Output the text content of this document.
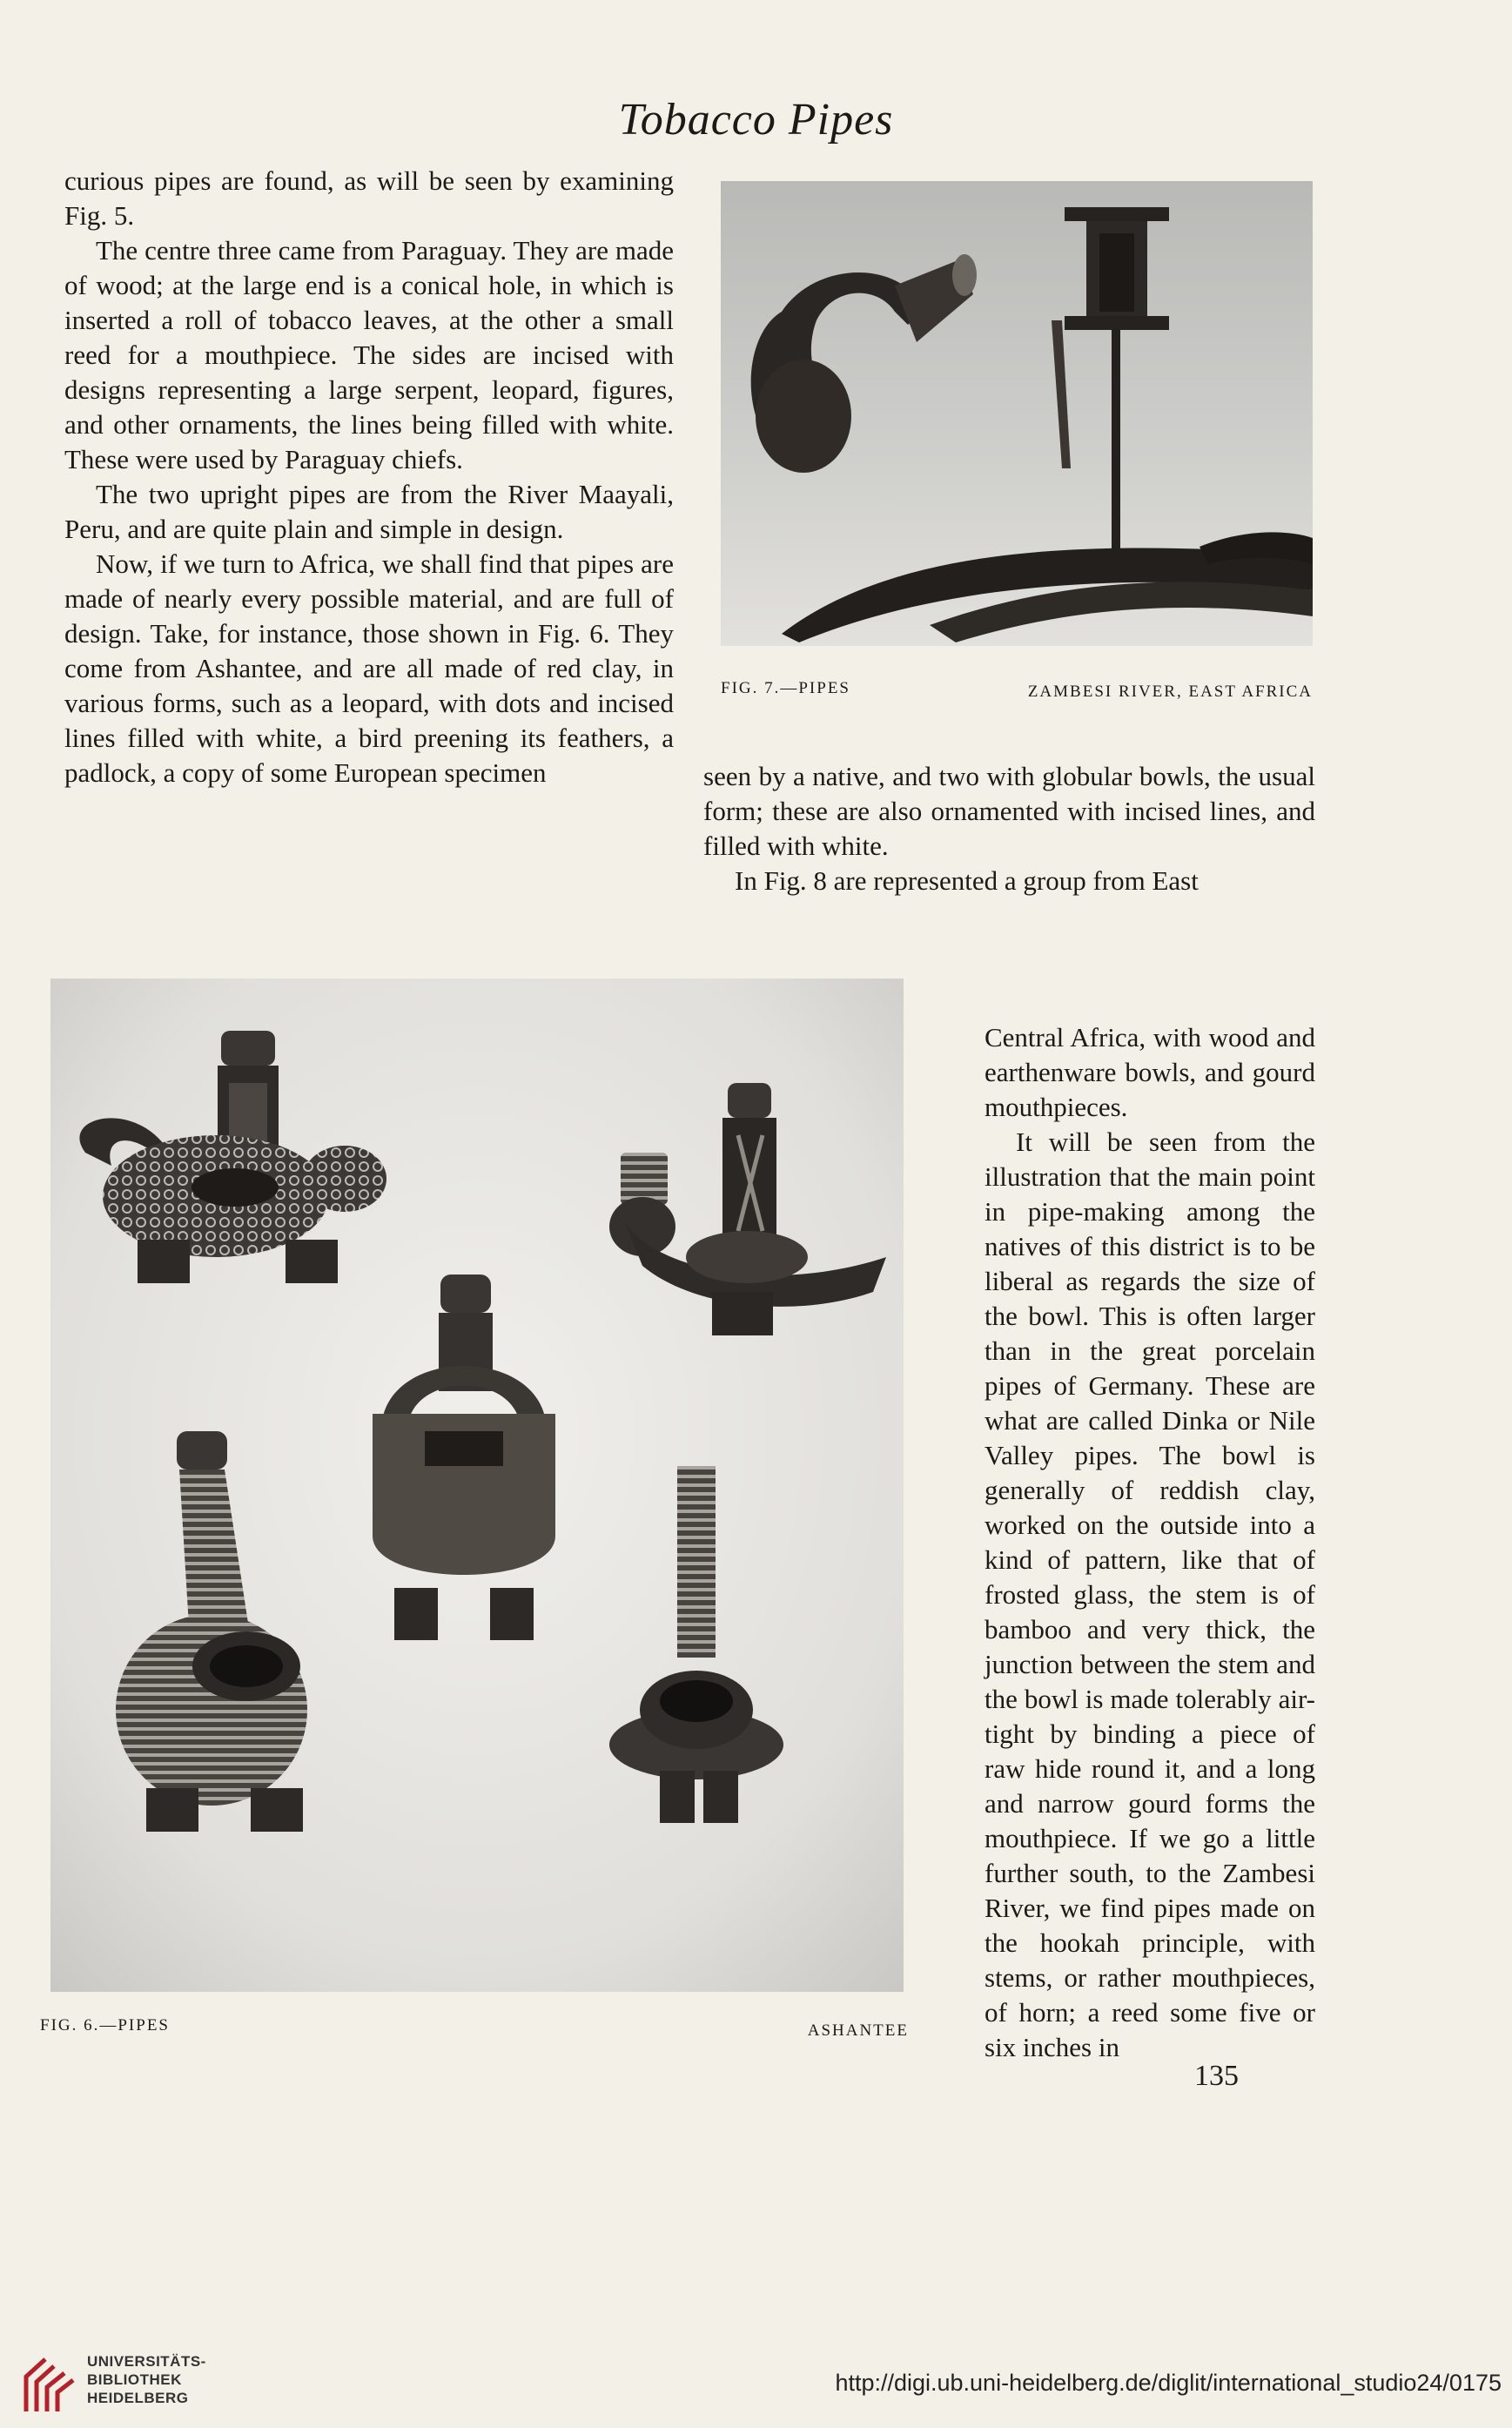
Tobacco Pipes

curious pipes are found, as will be seen by examining Fig. 5.

The centre three came from Paraguay. They are made of wood; at the large end is a conical hole, in which is inserted a roll of tobacco leaves, at the other a small reed for a mouthpiece. The sides are incised with designs representing a large serpent, leopard, figures, and other ornaments, the lines being filled with white. These were used by Paraguay chiefs.

The two upright pipes are from the River Maayali, Peru, and are quite plain and simple in design.

Now, if we turn to Africa, we shall find that pipes are made of nearly every possible material, and are full of design. Take, for instance, those shown in Fig. 6. They come from Ashantee, and are all made of red clay, in various forms, such as a leopard, with dots and incised lines filled with white, a bird preening its feathers, a padlock, a copy of some European specimen

FIG. 7.—PIPES	ZAMBESI RIVER, EAST AFRICA

seen by a native, and two with globular bowls, the usual form; these are also ornamented with incised lines, and filled with white.

In Fig. 8 are represented a group from East

Central Africa, with wood and earthenware bowls, and gourd mouthpieces.

It will be seen from the illustration that the main point in pipe-making among the natives of this district is to be liberal as regards the size of the bowl. This is often larger than in the great porcelain pipes of Germany. These are what are called Dinka or Nile Valley pipes. The bowl is generally of reddish clay, worked on the outside into a kind of pattern, like that of frosted glass, the stem is of bamboo and very thick, the junction between the stem and the bowl is made tolerably air-tight by binding a piece of raw hide round it, and a long and narrow gourd forms the mouthpiece. If we go a little further south, to the Zambesi River, we find pipes made on the hookah principle, with stems, or rather mouthpieces, of horn; a reed some five or six inches in

FIG. 6.—PIPES	ASHANTEE
135
UNIVERSITÄTS-
BIBLIOTHEK
HEIDELBERG
http://digi.ub.uni-heidelberg.de/diglit/international_studio24/0175
